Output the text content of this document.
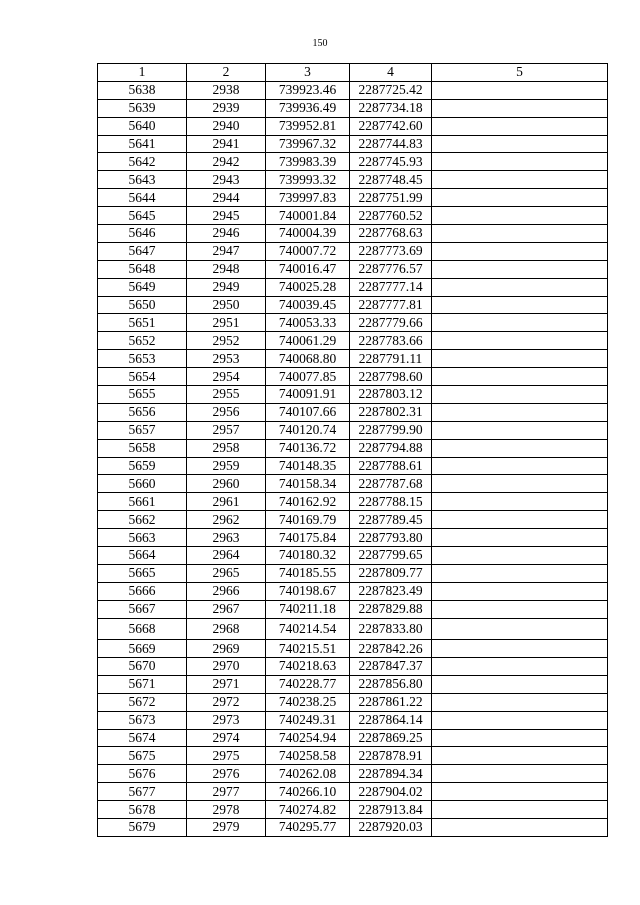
150
1	2	3	4	5
5638	2938	739923.46	2287725.42	
5639	2939	739936.49	2287734.18	
5640	2940	739952.81	2287742.60	
5641	2941	739967.32	2287744.83	
5642	2942	739983.39	2287745.93	
5643	2943	739993.32	2287748.45	
5644	2944	739997.83	2287751.99	
5645	2945	740001.84	2287760.52	
5646	2946	740004.39	2287768.63	
5647	2947	740007.72	2287773.69	
5648	2948	740016.47	2287776.57	
5649	2949	740025.28	2287777.14	
5650	2950	740039.45	2287777.81	
5651	2951	740053.33	2287779.66	
5652	2952	740061.29	2287783.66	
5653	2953	740068.80	2287791.11	
5654	2954	740077.85	2287798.60	
5655	2955	740091.91	2287803.12	
5656	2956	740107.66	2287802.31	
5657	2957	740120.74	2287799.90	
5658	2958	740136.72	2287794.88	
5659	2959	740148.35	2287788.61	
5660	2960	740158.34	2287787.68	
5661	2961	740162.92	2287788.15	
5662	2962	740169.79	2287789.45	
5663	2963	740175.84	2287793.80	
5664	2964	740180.32	2287799.65	
5665	2965	740185.55	2287809.77	
5666	2966	740198.67	2287823.49	
5667	2967	740211.18	2287829.88	
5668	2968	740214.54	2287833.80	
5669	2969	740215.51	2287842.26	
5670	2970	740218.63	2287847.37	
5671	2971	740228.77	2287856.80	
5672	2972	740238.25	2287861.22	
5673	2973	740249.31	2287864.14	
5674	2974	740254.94	2287869.25	
5675	2975	740258.58	2287878.91	
5676	2976	740262.08	2287894.34	
5677	2977	740266.10	2287904.02	
5678	2978	740274.82	2287913.84	
5679	2979	740295.77	2287920.03	
